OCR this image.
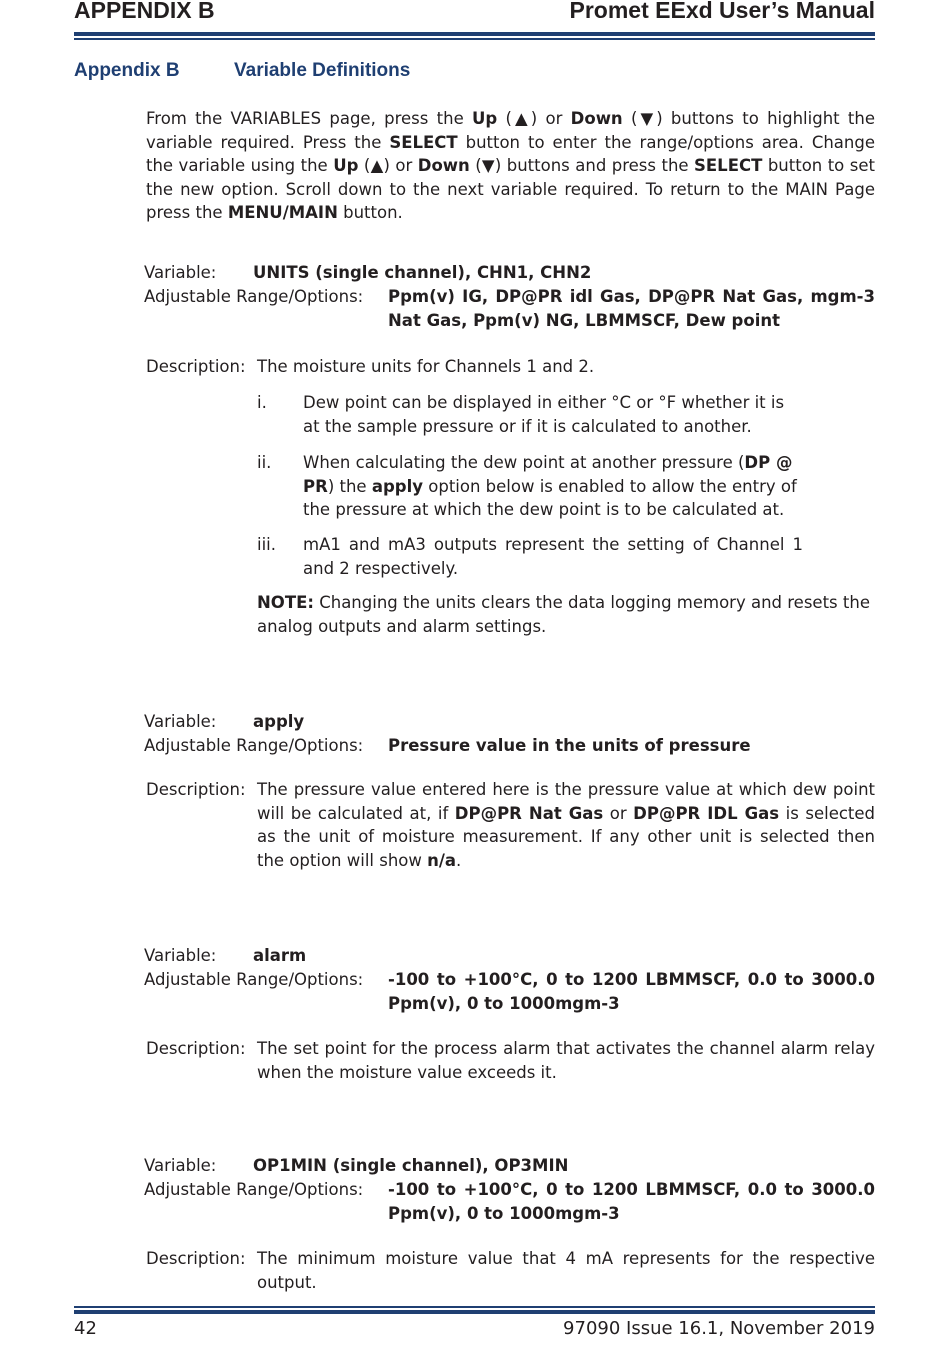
APPENDIX B	Promet EExd User’s Manual
Appendix B	Variable Definitions
From the VARIABLES page, press the Up (▲) or Down (▼) buttons to highlight the variable required. Press the SELECT button to enter the range/options area. Change the variable using the Up (▲) or Down (▼) buttons and press the SELECT button to set the new option. Scroll down to the next variable required. To return to the MAIN Page press the MENU/MAIN button.
Variable: UNITS (single channel), CHN1, CHN2
Adjustable Range/Options: Ppm(v) IG, DP@PR idl Gas, DP@PR Nat Gas, mgm-3 Nat Gas, Ppm(v) NG, LBMMSCF, Dew point
Description: The moisture units for Channels 1 and 2.
i. Dew point can be displayed in either °C or °F whether it is at the sample pressure or if it is calculated to another.
ii. When calculating the dew point at another pressure (DP @ PR) the apply option below is enabled to allow the entry of the pressure at which the dew point is to be calculated at.
iii. mA1 and mA3 outputs represent the setting of Channel 1 and 2 respectively.
NOTE: Changing the units clears the data logging memory and resets the analog outputs and alarm settings.
Variable: apply
Adjustable Range/Options: Pressure value in the units of pressure
Description: The pressure value entered here is the pressure value at which dew point will be calculated at, if DP@PR Nat Gas or DP@PR IDL Gas is selected as the unit of moisture measurement. If any other unit is selected then the option will show n/a.
Variable: alarm
Adjustable Range/Options: -100 to +100°C, 0 to 1200 LBMMSCF, 0.0 to 3000.0 Ppm(v), 0 to 1000mgm-3
Description: The set point for the process alarm that activates the channel alarm relay when the moisture value exceeds it.
Variable: OP1MIN (single channel), OP3MIN
Adjustable Range/Options: -100 to +100°C, 0 to 1200 LBMMSCF, 0.0 to 3000.0 Ppm(v), 0 to 1000mgm-3
Description: The minimum moisture value that 4 mA represents for the respective output.
42	97090 Issue 16.1, November 2019
